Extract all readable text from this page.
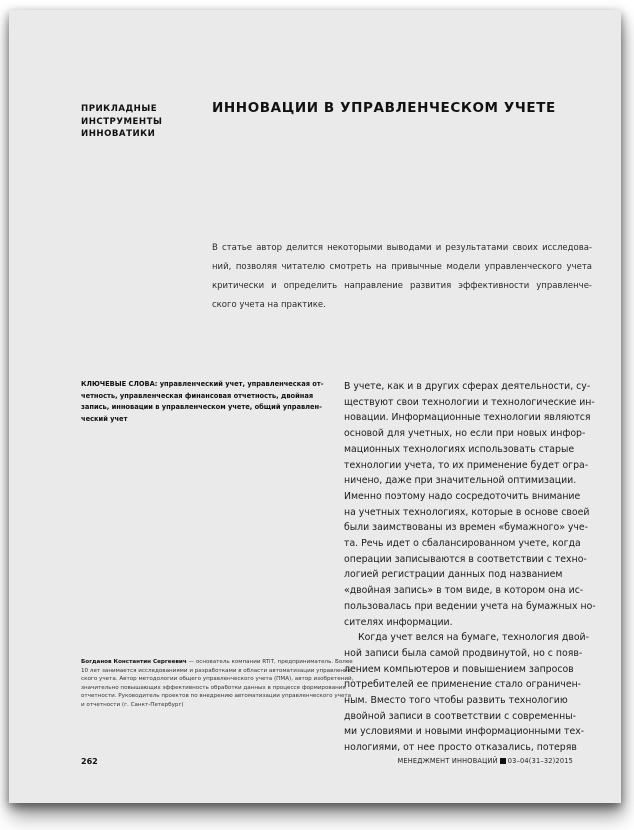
ПРИКЛАДНЫЕ
ИНСТРУМЕНТЫ
ИННОВАТИКИ
ИННОВАЦИИ В УПРАВЛЕНЧЕСКОМ УЧЕТЕ
В статье автор делится некоторыми выводами и результатами своих исследова-
ний, позволяя читателю смотреть на привычные модели управленческого учета
критически и определить направление развития эффективности управленче-
ского учета на практике.
КЛЮЧЕВЫЕ СЛОВА: управленческий учет, управленческая от-
четность, управленческая финансовая отчетность, двойная
запись, инновации в управленческом учете, общий управлен-
ческий учет
Богданов Константин Сергеевич — основатель компании RTiT, предприниматель. Более
10 лет занимается исследованиями и разработками в области автоматизации управленче-
ского учета. Автор методологии общего управленческого учета (ПМА), автор изобретений,
значительно повышающих эффективность обработки данных в процессе формирования
отчетности. Руководитель проектов по внедрению автоматизации управленческого учета
и отчетности (г. Санкт-Петербург)
В учете, как и в других сферах деятельности, су-
ществуют свои технологии и технологические ин-
новации. Информационные технологии являются
основой для учетных, но если при новых инфор-
мационных технологиях использовать старые
технологии учета, то их применение будет огра-
ничено, даже при значительной оптимизации.
Именно поэтому надо сосредоточить внимание
на учетных технологиях, которые в основе своей
были заимствованы из времен «бумажного» уче-
та. Речь идет о сбалансированном учете, когда
операции записываются в соответствии с техно-
логией регистрации данных под названием
«двойная запись» в том виде, в котором она ис-
пользовалась при ведении учета на бумажных но-
сителях информации.
Когда учет велся на бумаге, технология двой-
ной записи была самой продвинутой, но с появ-
лением компьютеров и повышением запросов
потребителей ее применение стало ограничен-
ным. Вместо того чтобы развить технологию
двойной записи в соответствии с современны-
ми условиями и новыми информационными тех-
нологиями, от нее просто отказались, потеряв
262	МЕНЕДЖМЕНТ ИННОВАЦИЙ 03–04(31–32)2015
